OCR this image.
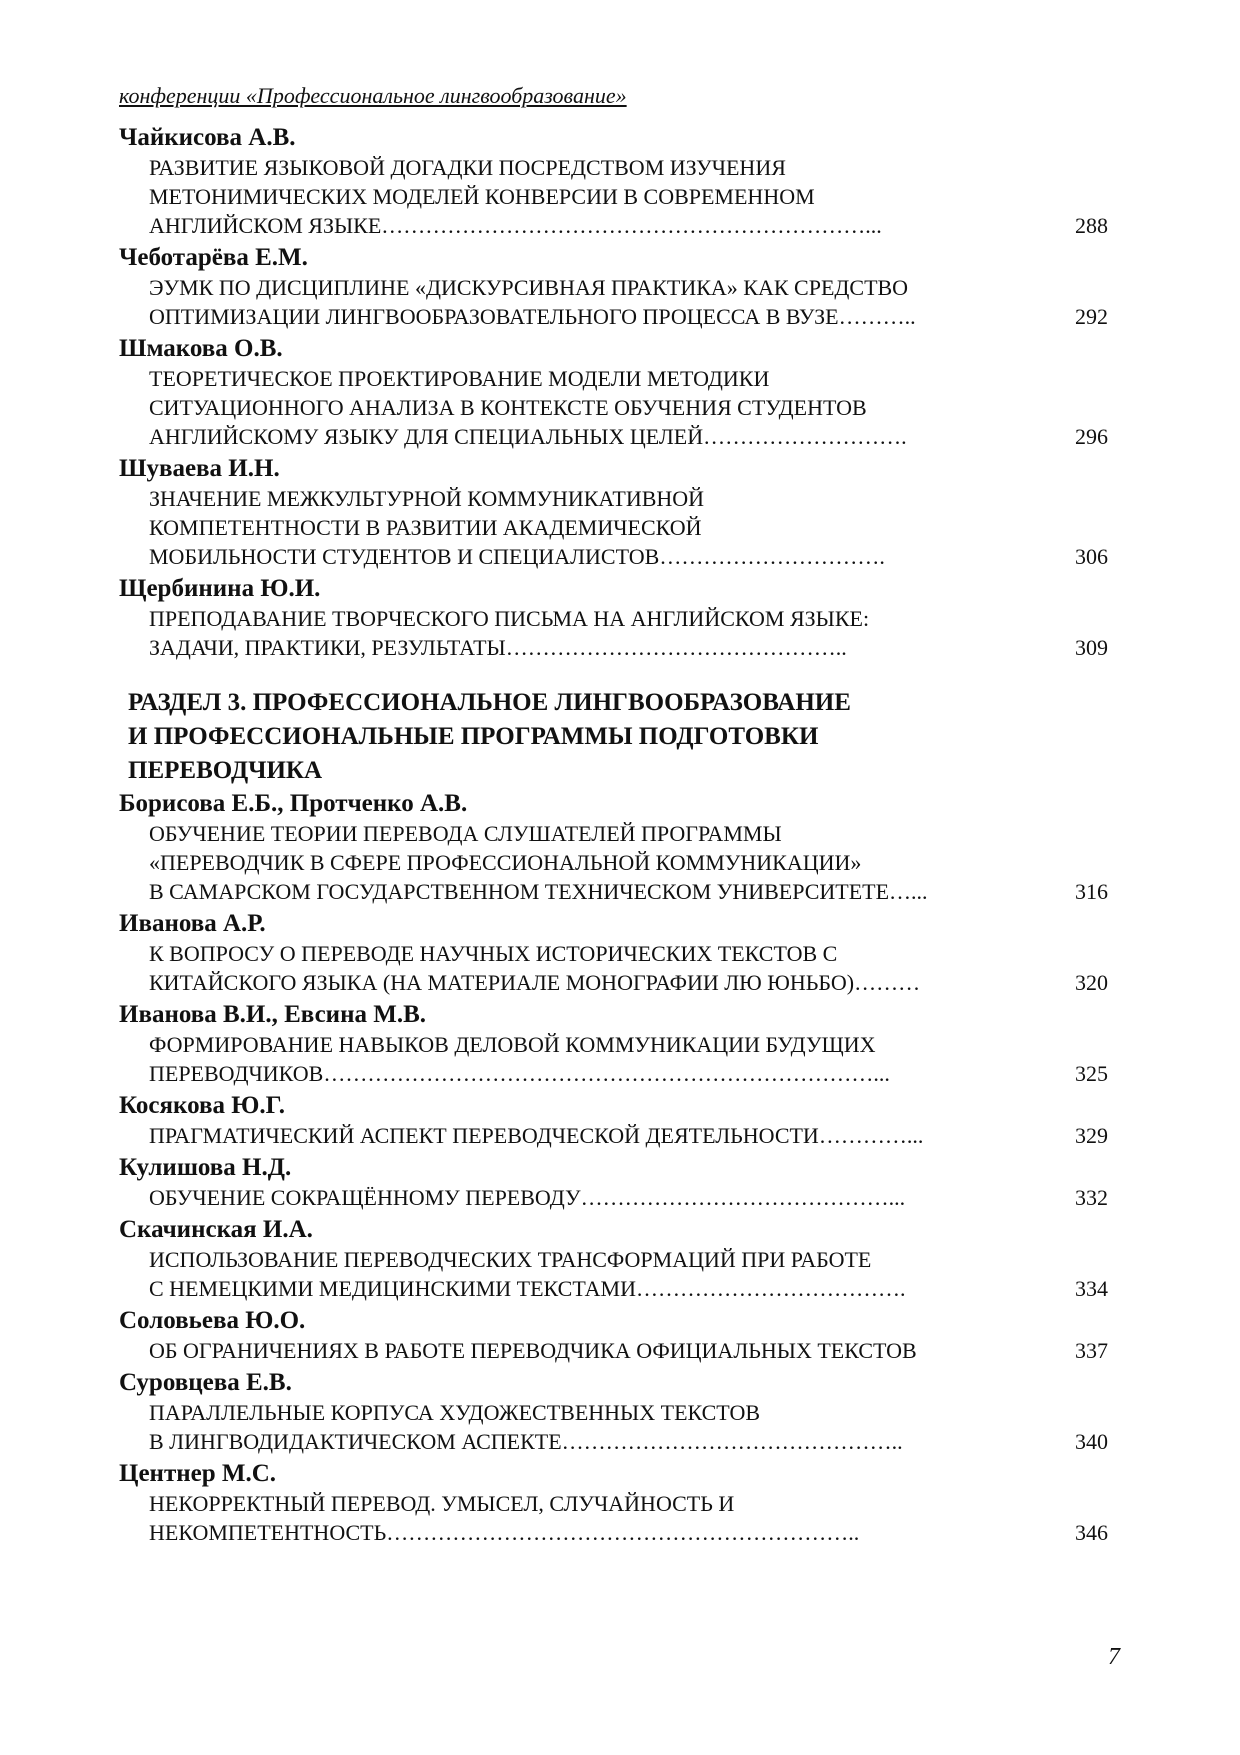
конференции «Профессиональное лингвообразование»
Чайкисова А.В.
РАЗВИТИЕ ЯЗЫКОВОЙ ДОГАДКИ ПОСРЕДСТВОМ ИЗУЧЕНИЯ
МЕТОНИМИЧЕСКИХ МОДЕЛЕЙ КОНВЕРСИИ В СОВРЕМЕННОМ
АНГЛИЙСКОМ ЯЗЫКЕ…………………………………………………………...	288
Чеботарёва Е.М.
ЭУМК ПО ДИСЦИПЛИНЕ «ДИСКУРСИВНАЯ ПРАКТИКА» КАК СРЕДСТВО
ОПТИМИЗАЦИИ ЛИНГВООБРАЗОВАТЕЛЬНОГО ПРОЦЕССА В ВУЗЕ………..	292
Шмакова О.В.
ТЕОРЕТИЧЕСКОЕ ПРОЕКТИРОВАНИЕ МОДЕЛИ МЕТОДИКИ
СИТУАЦИОННОГО АНАЛИЗА В КОНТЕКСТЕ ОБУЧЕНИЯ СТУДЕНТОВ
АНГЛИЙСКОМУ ЯЗЫКУ ДЛЯ СПЕЦИАЛЬНЫХ ЦЕЛЕЙ……………………….	296
Шуваева И.Н.
ЗНАЧЕНИЕ МЕЖКУЛЬТУРНОЙ КОММУНИКАТИВНОЙ
КОМПЕТЕНТНОСТИ В РАЗВИТИИ АКАДЕМИЧЕСКОЙ
МОБИЛЬНОСТИ СТУДЕНТОВ И СПЕЦИАЛИСТОВ………………………….	306
Щербинина Ю.И.
ПРЕПОДАВАНИЕ ТВОРЧЕСКОГО ПИСЬМА НА АНГЛИЙСКОМ ЯЗЫКЕ:
ЗАДАЧИ, ПРАКТИКИ, РЕЗУЛЬТАТЫ………………………………………..	309
РАЗДЕЛ 3. ПРОФЕССИОНАЛЬНОЕ ЛИНГВООБРАЗОВАНИЕ
И ПРОФЕССИОНАЛЬНЫЕ ПРОГРАММЫ ПОДГОТОВКИ
ПЕРЕВОДЧИКА
Борисова Е.Б., Протченко А.В.
ОБУЧЕНИЕ ТЕОРИИ ПЕРЕВОДА СЛУШАТЕЛЕЙ ПРОГРАММЫ
«ПЕРЕВОДЧИК В СФЕРЕ ПРОФЕССИОНАЛЬНОЙ КОММУНИКАЦИИ»
В САМАРСКОМ ГОСУДАРСТВЕННОМ ТЕХНИЧЕСКОМ УНИВЕРСИТЕТЕ…...	316
Иванова А.Р.
К ВОПРОСУ О ПЕРЕВОДЕ НАУЧНЫХ ИСТОРИЧЕСКИХ ТЕКСТОВ С
КИТАЙСКОГО ЯЗЫКА (НА МАТЕРИАЛЕ МОНОГРАФИИ ЛЮ ЮНЬБО)………	320
Иванова В.И., Евсина М.В.
ФОРМИРОВАНИЕ НАВЫКОВ ДЕЛОВОЙ КОММУНИКАЦИИ БУДУЩИХ
ПЕРЕВОДЧИКОВ…………………………………………………………………...	325
Косякова Ю.Г.
ПРАГМАТИЧЕСКИЙ АСПЕКТ ПЕРЕВОДЧЕСКОЙ ДЕЯТЕЛЬНОСТИ…………...	329
Кулишова Н.Д.
ОБУЧЕНИЕ СОКРАЩЁННОМУ ПЕРЕВОДУ……………………………………...	332
Скачинская И.А.
ИСПОЛЬЗОВАНИЕ ПЕРЕВОДЧЕСКИХ ТРАНСФОРМАЦИЙ ПРИ РАБОТЕ
С НЕМЕЦКИМИ МЕДИЦИНСКИМИ ТЕКСТАМИ……………………………….	334
Соловьева Ю.О.
ОБ ОГРАНИЧЕНИЯХ В РАБОТЕ ПЕРЕВОДЧИКА ОФИЦИАЛЬНЫХ ТЕКСТОВ	337
Суровцева Е.В.
ПАРАЛЛЕЛЬНЫЕ КОРПУСА ХУДОЖЕСТВЕННЫХ ТЕКСТОВ
В ЛИНГВОДИДАКТИЧЕСКОМ АСПЕКТЕ………………………………………..	340
Центнер М.С.
НЕКОРРЕКТНЫЙ ПЕРЕВОД. УМЫСЕЛ, СЛУЧАЙНОСТЬ И
НЕКОМПЕТЕНТНОСТЬ………………………………………………………..	346
7
